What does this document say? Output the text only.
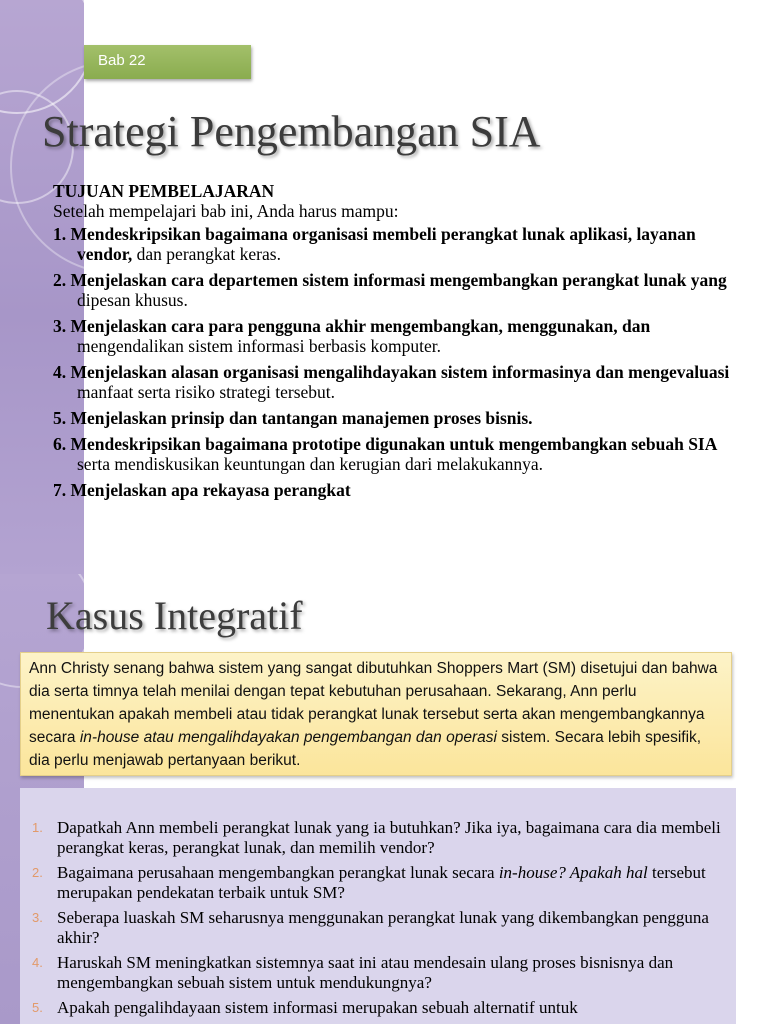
Bab 22
Strategi Pengembangan SIA

TUJUAN PEMBELAJARAN

Setelah mempelajari bab ini, Anda harus mampu:

1. Mendeskripsikan bagaimana organisasi membeli perangkat lunak aplikasi, layanan vendor, dan perangkat keras.

2. Menjelaskan cara departemen sistem informasi mengembangkan perangkat lunak yang dipesan khusus.

3. Menjelaskan cara para pengguna akhir mengembangkan, menggunakan, dan mengendalikan sistem informasi berbasis komputer.

4. Menjelaskan alasan organisasi mengalihdayakan sistem informasinya dan mengevaluasi manfaat serta risiko strategi tersebut.

5. Menjelaskan prinsip dan tantangan manajemen proses bisnis.

6. Mendeskripsikan bagaimana prototipe digunakan untuk mengembangkan sebuah SIA serta mendiskusikan keuntungan dan kerugian dari melakukannya.

7. Menjelaskan apa rekayasa perangkat

Kasus Integratif
Ann Christy senang bahwa sistem yang sangat dibutuhkan Shoppers Mart (SM) disetujui dan bahwa dia serta timnya telah menilai dengan tepat kebutuhan perusahaan. Sekarang, Ann perlu menentukan apakah membeli atau tidak perangkat lunak tersebut serta akan mengembangkannya secara in-house atau mengalihdayakan pengembangan dan operasi sistem. Secara lebih spesifik, dia perlu menjawab pertanyaan berikut.
1. Dapatkah Ann membeli perangkat lunak yang ia butuhkan? Jika iya, bagaimana cara dia membeli perangkat keras, perangkat lunak, dan memilih vendor?
2. Bagaimana perusahaan mengembangkan perangkat lunak secara in-house? Apakah hal tersebut merupakan pendekatan terbaik untuk SM?
3. Seberapa luaskah SM seharusnya menggunakan perangkat lunak yang dikembangkan pengguna akhir?
4. Haruskah SM meningkatkan sistemnya saat ini atau mendesain ulang proses bisnisnya dan mengembangkan sebuah sistem untuk mendukungnya?
5. Apakah pengalihdayaan sistem informasi merupakan sebuah alternatif untuk
